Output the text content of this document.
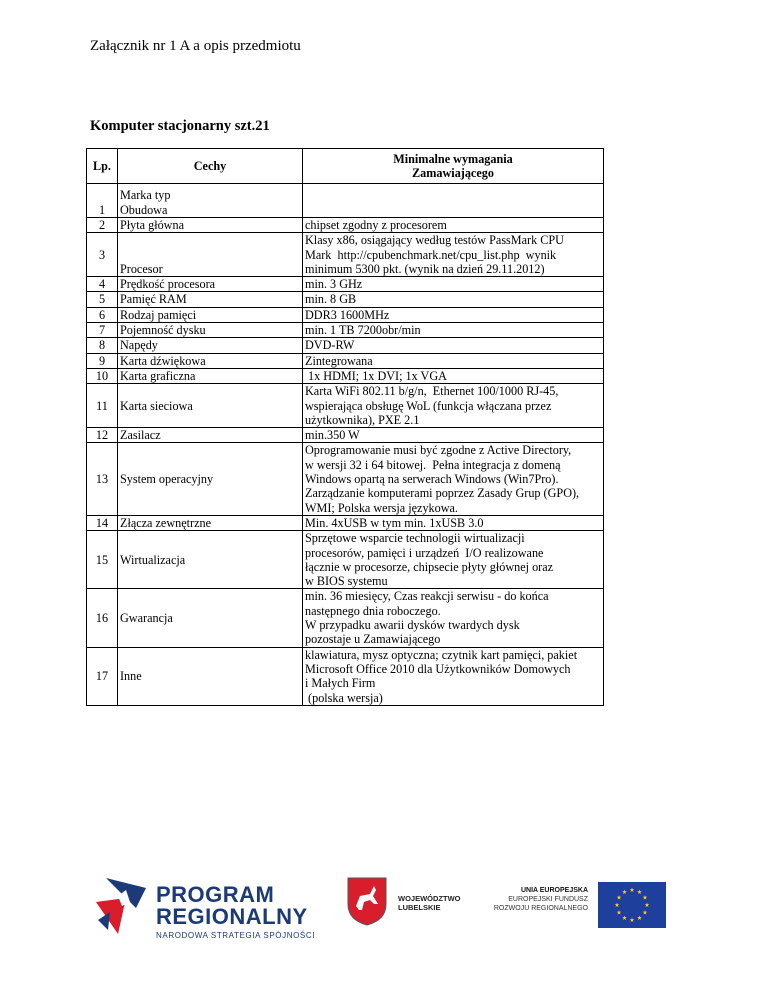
Załącznik nr 1 A a opis przedmiotu
Komputer stacjonarny szt.21
Lp.	Cechy	Minimalne wymagania
Zamawiającego

1	Marka typ
Obudowa	

2	Płyta główna	chipset zgodny z procesorem

3	Procesor	Klasy x86, osiągający według testów PassMark CPU
Mark  http://cpubenchmark.net/cpu_list.php  wynik
minimum 5300 pkt. (wynik na dzień 29.11.2012)

4	Prędkość procesora	min. 3 GHz

5	Pamięć RAM	min. 8 GB

6	Rodzaj pamięci	DDR3 1600MHz

7	Pojemność dysku	min. 1 TB 7200obr/min

8	Napędy	DVD-RW

9	Karta dźwiękowa	Zintegrowana

10	Karta graficzna	1x HDMI; 1x DVI; 1x VGA

11	Karta sieciowa	Karta WiFi 802.11 b/g/n,  Ethernet 100/1000 RJ-45,
wspierająca obsługę WoL (funkcja włączana przez
użytkownika), PXE 2.1

12	Zasilacz	min.350 W

13	System operacyjny	Oprogramowanie musi być zgodne z Active Directory,
w wersji 32 i 64 bitowej.  Pełna integracja z domeną
Windows opartą na serwerach Windows (Win7Pro).
Zarządzanie komputerami poprzez Zasady Grup (GPO),
WMI; Polska wersja językowa.

14	Złącza zewnętrzne	Min. 4xUSB w tym min. 1xUSB 3.0

15	Wirtualizacja	Sprzętowe wsparcie technologii wirtualizacji
procesorów, pamięci i urządzeń  I/O realizowane
łącznie w procesorze, chipsecie płyty głównej oraz
w BIOS systemu

16	Gwarancja	min. 36 miesięcy, Czas reakcji serwisu - do końca
następnego dnia roboczego.
W przypadku awarii dysków twardych dysk
pozostaje u Zamawiającego

17	Inne	klawiatura, mysz optyczna; czytnik kart pamięci, pakiet
Microsoft Office 2010 dla Użytkowników Domowych
i Małych Firm
(polska wersja)
PROGRAM
REGIONALNY
NARODOWA STRATEGIA SPÓJNOŚCI
WOJEWÓDZTWO
LUBELSKIE
UNIA EUROPEJSKA
EUROPEJSKI FUNDUSZ
ROZWOJU REGIONALNEGO
